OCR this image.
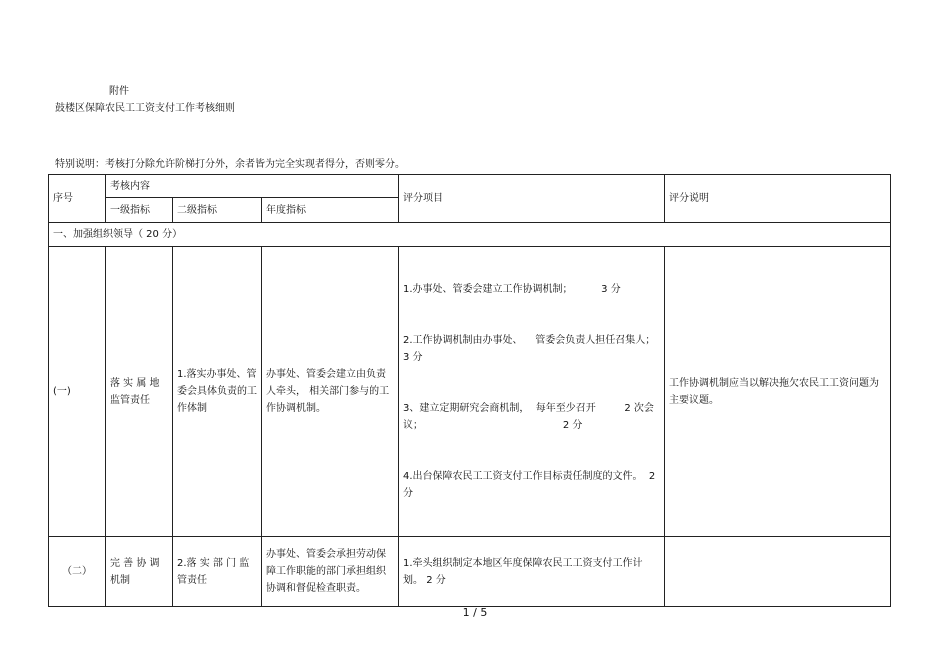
附件
鼓楼区保障农民工工资支付工作考核细则
特别说明：考核打分除允许阶梯打分外，余者皆为完全实现者得分，否则零分。
序号	考核内容			评分项目	评分说明
	一级指标	二级指标	年度指标		
一、加强组织领导（ 20 分）					
(一)	落 实 属 地 监管责任	1.落实办事处、管委会具体负责的工作体制	办事处、管委会建立由负责人牵头， 相关部门参与的工作协调机制。	1.办事处、管委会建立工作协调机制；         3 分

2.工作协调机制由办事处、    管委会负责人担任召集人；  3 分

3、建立定期研究会商机制，  每年至少召开         2 次会议；                                            2 分

4.出台保障农民工工资支付工作目标责任制度的文件。  2 分	工作协调机制应当以解决拖欠农民工工资问题为主要议题。
（二）	完 善 协 调 机制	2.落 实 部 门 监管责任	办事处、管委会承担劳动保障工作职能的部门承担组织协调和督促检查职责。	1.牵头组织制定本地区年度保障农民工工资支付工作计划。 2 分	

1 / 5
